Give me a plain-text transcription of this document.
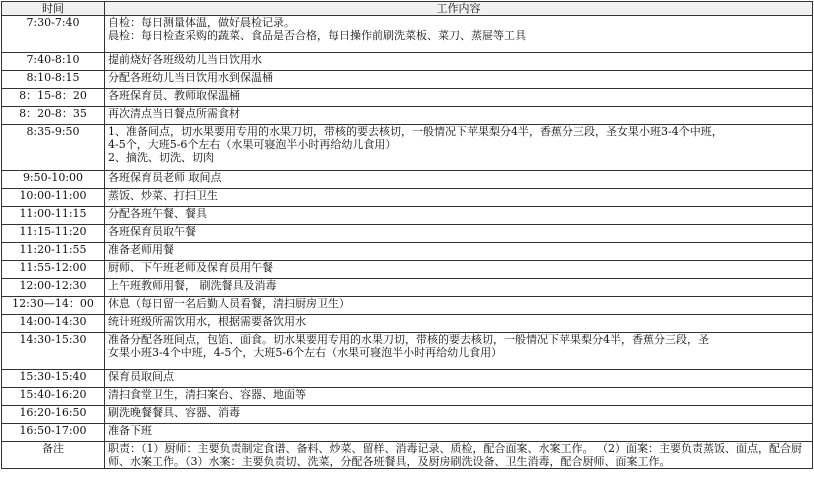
时间	工作内容
7:30-7:40	自检：每日测量体温，做好晨检记录。
晨检：每日检查采购的蔬菜、食品是否合格，每日操作前刷洗菜板、菜刀、蒸屉等工具

7:40-8:10	提前烧好各班级幼儿当日饮用水

8:10-8:15	分配各班幼儿当日饮用水到保温桶

8：15-8：20	各班保育员、教师取保温桶

8：20-8：35	再次清点当日餐点所需食材

8:35-9:50	1、准备间点，切水果要用专用的水果刀切，带核的要去核切，一般情况下苹果梨分4半，香蕉分三段，圣女果小班3-4个中班，
4-5个，大班5-6个左右（水果可寝泡半小时再给幼儿食用）
2、摘洗、切洗、切肉

9:50-10:00	各班保育员老师 取间点

10:00-11:00	蒸饭、炒菜、打扫卫生

11:00-11:15	分配各班午餐、餐具

11:15-11:20	各班保育员取午餐

11:20-11:55	准备老师用餐

11:55-12:00	厨师、下午班老师及保育员用午餐

12:00-12:30	上午班教师用餐， 刷洗餐具及消毒

12:30—14：00	休息（每日留一名后勤人员看餐，清扫厨房卫生）

14:00-14:30	统计班级所需饮用水，根据需要备饮用水

14:30-15:30	准备分配各班间点，包馅、面食。切水果要用专用的水果刀切，带核的要去核切，一般情况下苹果梨分4半，香蕉分三段，圣
女果小班3-4个中班，4-5个，大班5-6个左右（水果可寝泡半小时再给幼儿食用）

15:30-15:40	保育员取间点

15:40-16:20	清扫食堂卫生，清扫案台、容器、地面等

16:20-16:50	刷洗晚餐餐具、容器、消毒

16:50-17:00	准备下班

备注	职责：（1）厨师：主要负责制定食谱、备料、炒菜、留样、消毒记录、质检，配合面案、水案工作。 （2）面案：主要负责蒸饭、面点，配合厨师、水案工作。（3）水案：主要负责切、洗菜，分配各班餐具，及厨房刷洗设备、卫生消毒，配合厨师、面案工作。
